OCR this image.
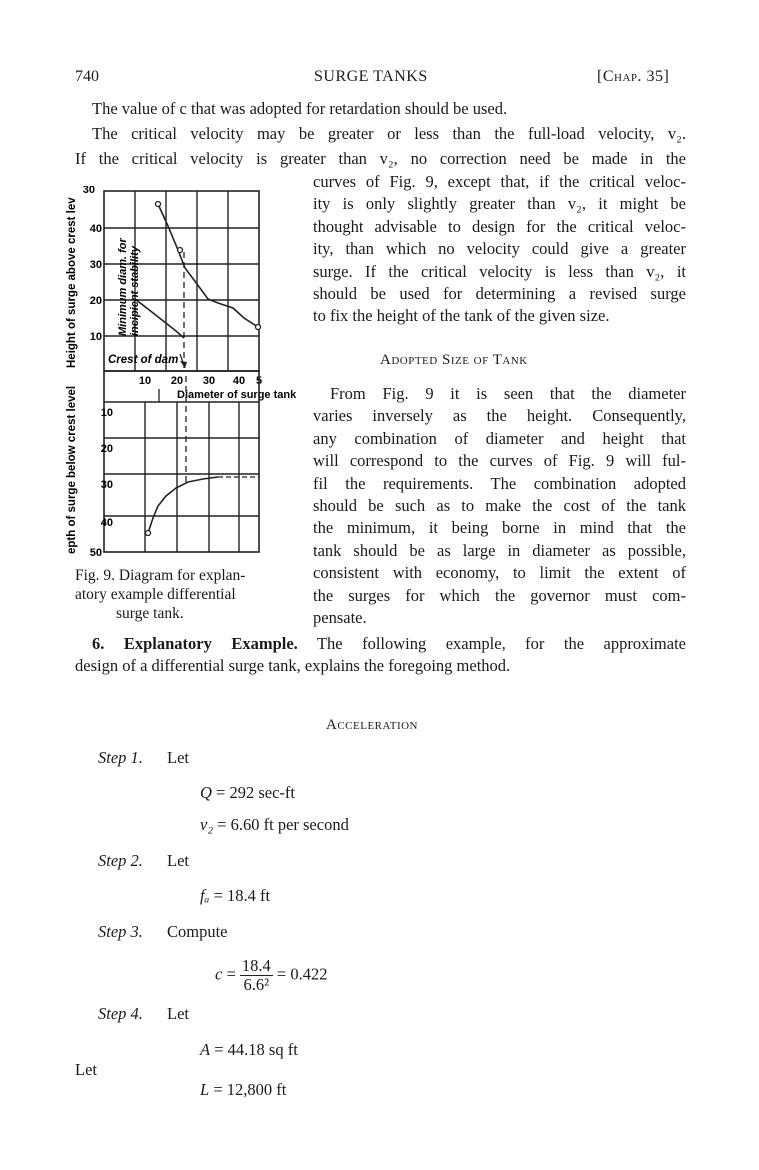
740	SURGE TANKS	[Chap. 35]
The value of c that was adopted for retardation should be used.
The critical velocity may be greater or less than the full-load velocity, v₂.
If the critical velocity is greater than v₂, no correction need be made in the
curves of Fig. 9, except that, if the critical veloc-
ity is only slightly greater than v₂, it might be
thought advisable to design for the critical veloc-
ity, than which no velocity could give a greater
surge. If the critical velocity is less than v₂, it
should be used for determining a revised surge
to fix the height of the tank of the given size.
Adopted Size of Tank
From Fig. 9 it is seen that the diameter
varies inversely as the height. Consequently,
any combination of diameter and height that
will correspond to the curves of Fig. 9 will ful-
fil the requirements. The combination adopted
should be such as to make the cost of the tank
the minimum, it being borne in mind that the
tank should be as large in diameter as possible,
consistent with economy, to limit the extent of
the surges for which the governor must com-
pensate.
30
40
30
20
10
Height of surge above crest lev	Minimum diam. for incipient stability
Crest of dam
10 20 30 40 5
Diameter of surge tank
10
20
30
40
50
epth of surge below crest level
Fig. 9. Diagram for explan-
atory example differential
surge tank.
6. Explanatory Example. The following example, for the approximate
design of a differential surge tank, explains the foregoing method.
Acceleration
Step 1. Let
Q = 292 sec-ft
v₂ = 6.60 ft per second
Step 2. Let
fₐ = 18.4 ft
Step 3. Compute
$c = \frac{18.4}{\text{6.6²}} = 0.422$
Step 4. Let
A = 44.18 sq ft
Let
L = 12,800 ft
